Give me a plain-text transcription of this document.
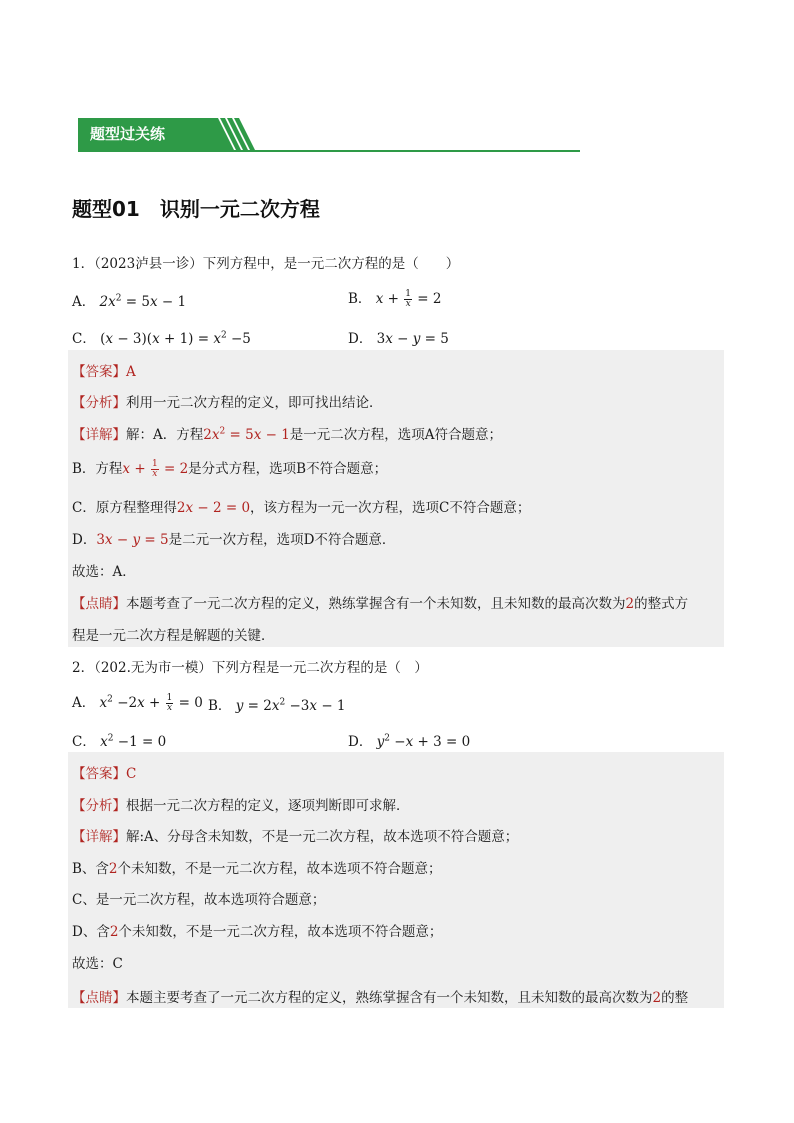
题型过关练
题型01　识别一元二次方程
1．（2023泸县一诊）下列方程中，是一元二次方程的是（　　）
A． $2x^2 = 5x - 1$	B． $x + \frac{1}{x} = 2$
C． $(x - 3)(x + 1) = x^2 -5$	D． 3x − y = 5
【答案】A
【分析】利用一元二次方程的定义，即可找出结论．
【详解】解：A．方程$2x^2 = 5x - 1$是一元二次方程，选项A符合题意；
B．方程$x + \frac{1}{x} = 2$是分式方程，选项B不符合题意；
C．原方程整理得2x − 2 = 0，该方程为一元一次方程，选项C不符合题意；
D．3x − y = 5是二元一次方程，选项D不符合题意．
故选：A．
【点睛】本题考查了一元二次方程的定义，熟练掌握含有一个未知数，且未知数的最高次数为2的整式方
程是一元二次方程是解题的关键．
2．（202.无为市一模）下列方程是一元二次方程的是（　）
A． $x^2 -2x + \frac{1}{x} = 0$ B． $y = 2x^2 -3x - 1$
C． $x^2 -1 = 0$	D． $y^2 -x + 3 = 0$
【答案】C
【分析】根据一元二次方程的定义，逐项判断即可求解．
【详解】解:A、分母含未知数，不是一元二次方程，故本选项不符合题意；
B、含2个未知数，不是一元二次方程，故本选项不符合题意；
C、是一元二次方程，故本选项符合题意；
D、含2个未知数，不是一元二次方程，故本选项不符合题意；
故选：C
【点睛】本题主要考查了一元二次方程的定义，熟练掌握含有一个未知数，且未知数的最高次数为2的整
